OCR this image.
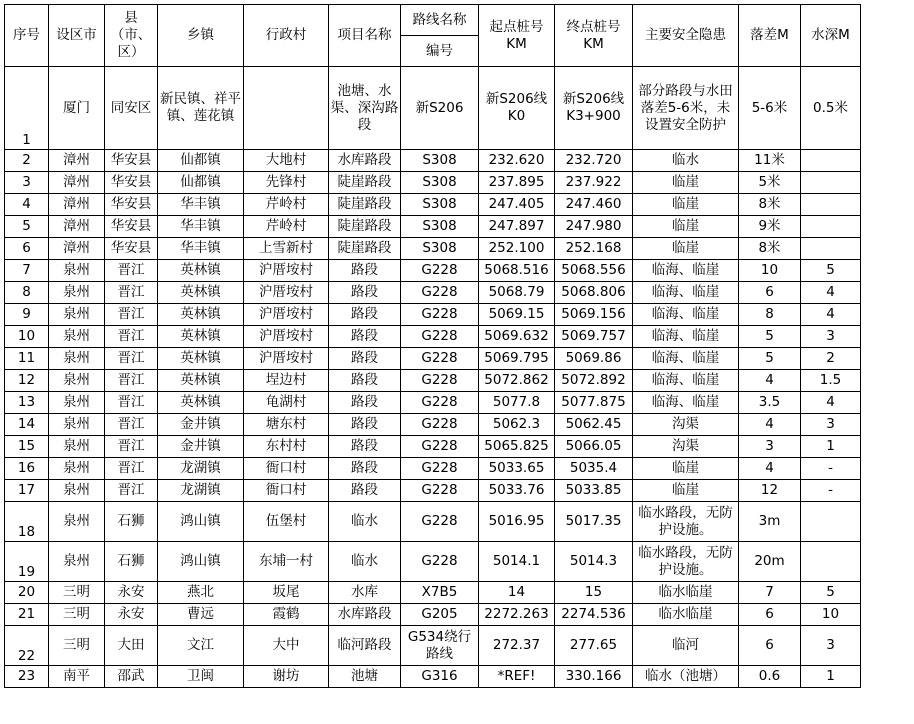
序号	设区市	县（市、区）	乡镇	行政村	项目名称	路线名称	起点桩号 KM	终点桩号 KM	主要安全隐患	落差M	水深M
						编号					
1	厦门	同安区	新民镇、祥平镇、莲花镇		池塘、水渠、深沟路段	新S206	新S206线K0	新S206线K3+900	部分路段与水田落差5-6米，未设置安全防护	5-6米	0.5米
2	漳州	华安县	仙都镇	大地村	水库路段	S308	232.620	232.720	临水	11米	
3	漳州	华安县	仙都镇	先锋村	陡崖路段	S308	237.895	237.922	临崖	5米	
4	漳州	华安县	华丰镇	芹岭村	陡崖路段	S308	247.405	247.460	临崖	8米	
5	漳州	华安县	华丰镇	芹岭村	陡崖路段	S308	247.897	247.980	临崖	9米	
6	漳州	华安县	华丰镇	上雪新村	陡崖路段	S308	252.100	252.168	临崖	8米	
7	泉州	晋江	英林镇	沪厝垵村	路段	G228	5068.516	5068.556	临海、临崖	10	5
8	泉州	晋江	英林镇	沪厝垵村	路段	G228	5068.79	5068.806	临海、临崖	6	4
9	泉州	晋江	英林镇	沪厝垵村	路段	G228	5069.15	5069.156	临海、临崖	8	4
10	泉州	晋江	英林镇	沪厝垵村	路段	G228	5069.632	5069.757	临海、临崖	5	3
11	泉州	晋江	英林镇	沪厝垵村	路段	G228	5069.795	5069.86	临海、临崖	5	2
12	泉州	晋江	英林镇	埕边村	路段	G228	5072.862	5072.892	临海、临崖	4	1.5
13	泉州	晋江	英林镇	龟湖村	路段	G228	5077.8	5077.875	临海、临崖	3.5	4
14	泉州	晋江	金井镇	塘东村	路段	G228	5062.3	5062.45	沟渠	4	3
15	泉州	晋江	金井镇	东村村	路段	G228	5065.825	5066.05	沟渠	3	1
16	泉州	晋江	龙湖镇	衙口村	路段	G228	5033.65	5035.4	临崖	4	-
17	泉州	晋江	龙湖镇	衙口村	路段	G228	5033.76	5033.85	临崖	12	-
18	泉州	石狮	鸿山镇	伍堡村	临水	G228	5016.95	5017.35	临水路段，无防护设施。	3m	
19	泉州	石狮	鸿山镇	东埔一村	临水	G228	5014.1	5014.3	临水路段，无防护设施。	20m	
20	三明	永安	燕北	坂尾	水库	X7B5	14	15	临水临崖	7	5
21	三明	永安	曹远	霞鹤	水库路段	G205	2272.263	2274.536	临水临崖	6	10
22	三明	大田	文江	大中	临河路段	G534绕行路线	272.37	277.65	临河	6	3
23	南平	邵武	卫闽	谢坊	池塘	G316	*REF!	330.166	临水（池塘）	0.6	1
